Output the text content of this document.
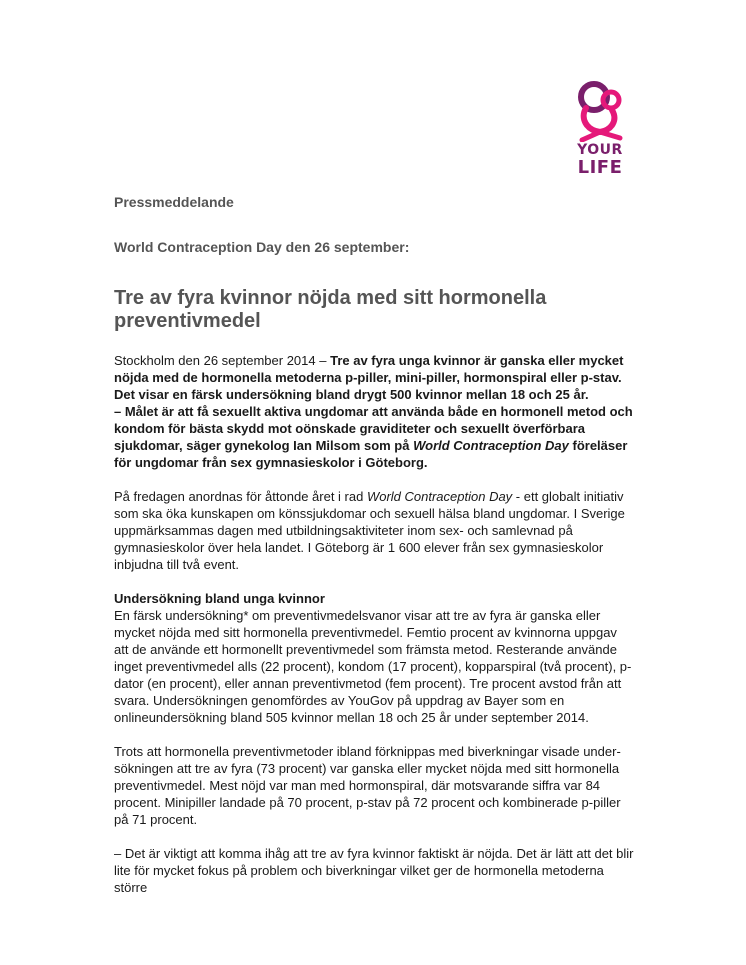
YOUR
LIFE

Pressmeddelande

World Contraception Day den 26 september:

Tre av fyra kvinnor nöjda med sitt hormonella preventivmedel

Stockholm den 26 september 2014 – Tre av fyra unga kvinnor är ganska eller mycket nöjda med de hormonella metoderna p-piller, mini-piller, hormonspiral eller p-stav. Det visar en färsk undersökning bland drygt 500 kvinnor mellan 18 och 25 år.
– Målet är att få sexuellt aktiva ungdomar att använda både en hormonell metod och kondom för bästa skydd mot oönskade graviditeter och sexuellt överförbara sjukdomar, säger gynekolog Ian Milsom som på World Contraception Day föreläser för ungdomar från sex gymnasieskolor i Göteborg.

På fredagen anordnas för åttonde året i rad World Contraception Day - ett globalt initiativ som ska öka kunskapen om könssjukdomar och sexuell hälsa bland ungdomar. I Sverige uppmärksammas dagen med utbildningsaktiviteter inom sex- och samlevnad på gymnasieskolor över hela landet. I Göteborg är 1 600 elever från sex gymnasieskolor inbjudna till två event.

Undersökning bland unga kvinnor

En färsk undersökning* om preventivmedelsvanor visar att tre av fyra är ganska eller mycket nöjda med sitt hormonella preventivmedel. Femtio procent av kvinnorna uppgav att de använde ett hormonellt preventivmedel som främsta metod. Resterande använde inget preventivmedel alls (22 procent), kondom (17 procent), kopparspiral (två procent), p-dator (en procent), eller annan preventivmetod (fem procent). Tre procent avstod från att svara. Undersökningen genomfördes av YouGov på uppdrag av Bayer som en onlineundersökning bland 505 kvinnor mellan 18 och 25 år under september 2014.

Trots att hormonella preventivmetoder ibland förknippas med biverkningar visade under-sökningen att tre av fyra (73 procent) var ganska eller mycket nöjda med sitt hormonella preventivmedel. Mest nöjd var man med hormonspiral, där motsvarande siffra var 84 procent. Minipiller landade på 70 procent, p-stav på 72 procent och kombinerade p-piller på 71 procent.

– Det är viktigt att komma ihåg att tre av fyra kvinnor faktiskt är nöjda. Det är lätt att det blir lite för mycket fokus på problem och biverkningar vilket ger de hormonella metoderna större
